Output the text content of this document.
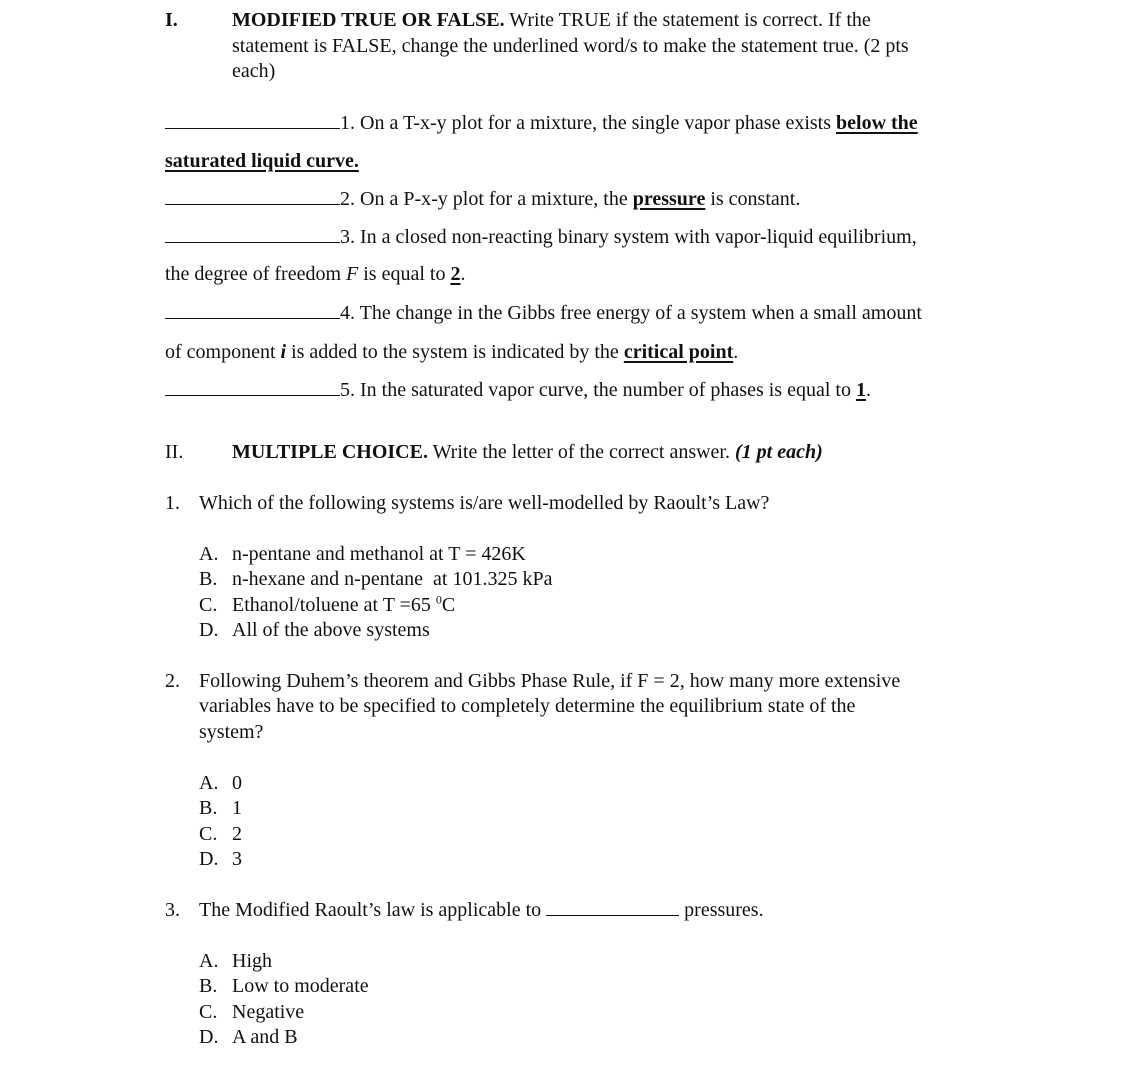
I.	MODIFIED TRUE OR FALSE. Write TRUE if the statement is correct. If the
statement is FALSE, change the underlined word/s to make the statement true. (2 pts
each)
1. On a T-x-y plot for a mixture, the single vapor phase exists below the
saturated liquid curve.
2. On a P-x-y plot for a mixture, the pressure is constant.
3. In a closed non-reacting binary system with vapor-liquid equilibrium,
the degree of freedom F is equal to 2.
4. The change in the Gibbs free energy of a system when a small amount
of component i is added to the system is indicated by the critical point.
5. In the saturated vapor curve, the number of phases is equal to 1.
II. MULTIPLE CHOICE. Write the letter of the correct answer. (1 pt each)
1. Which of the following systems is/are well-modelled by Raoult’s Law?
A. n-pentane and methanol at T = 426K
B. n-hexane and n-pentane  at 101.325 kPa
C. Ethanol/toluene at T =65 $^0$C
D. All of the above systems
2. Following Duhem’s theorem and Gibbs Phase Rule, if F = 2, how many more extensive
variables have to be specified to completely determine the equilibrium state of the
system?
A. 0
B. 1
C. 2
D. 3
3. The Modified Raoult’s law is applicable to	pressures.
A. High
B. Low to moderate
C. Negative
D. A and B
